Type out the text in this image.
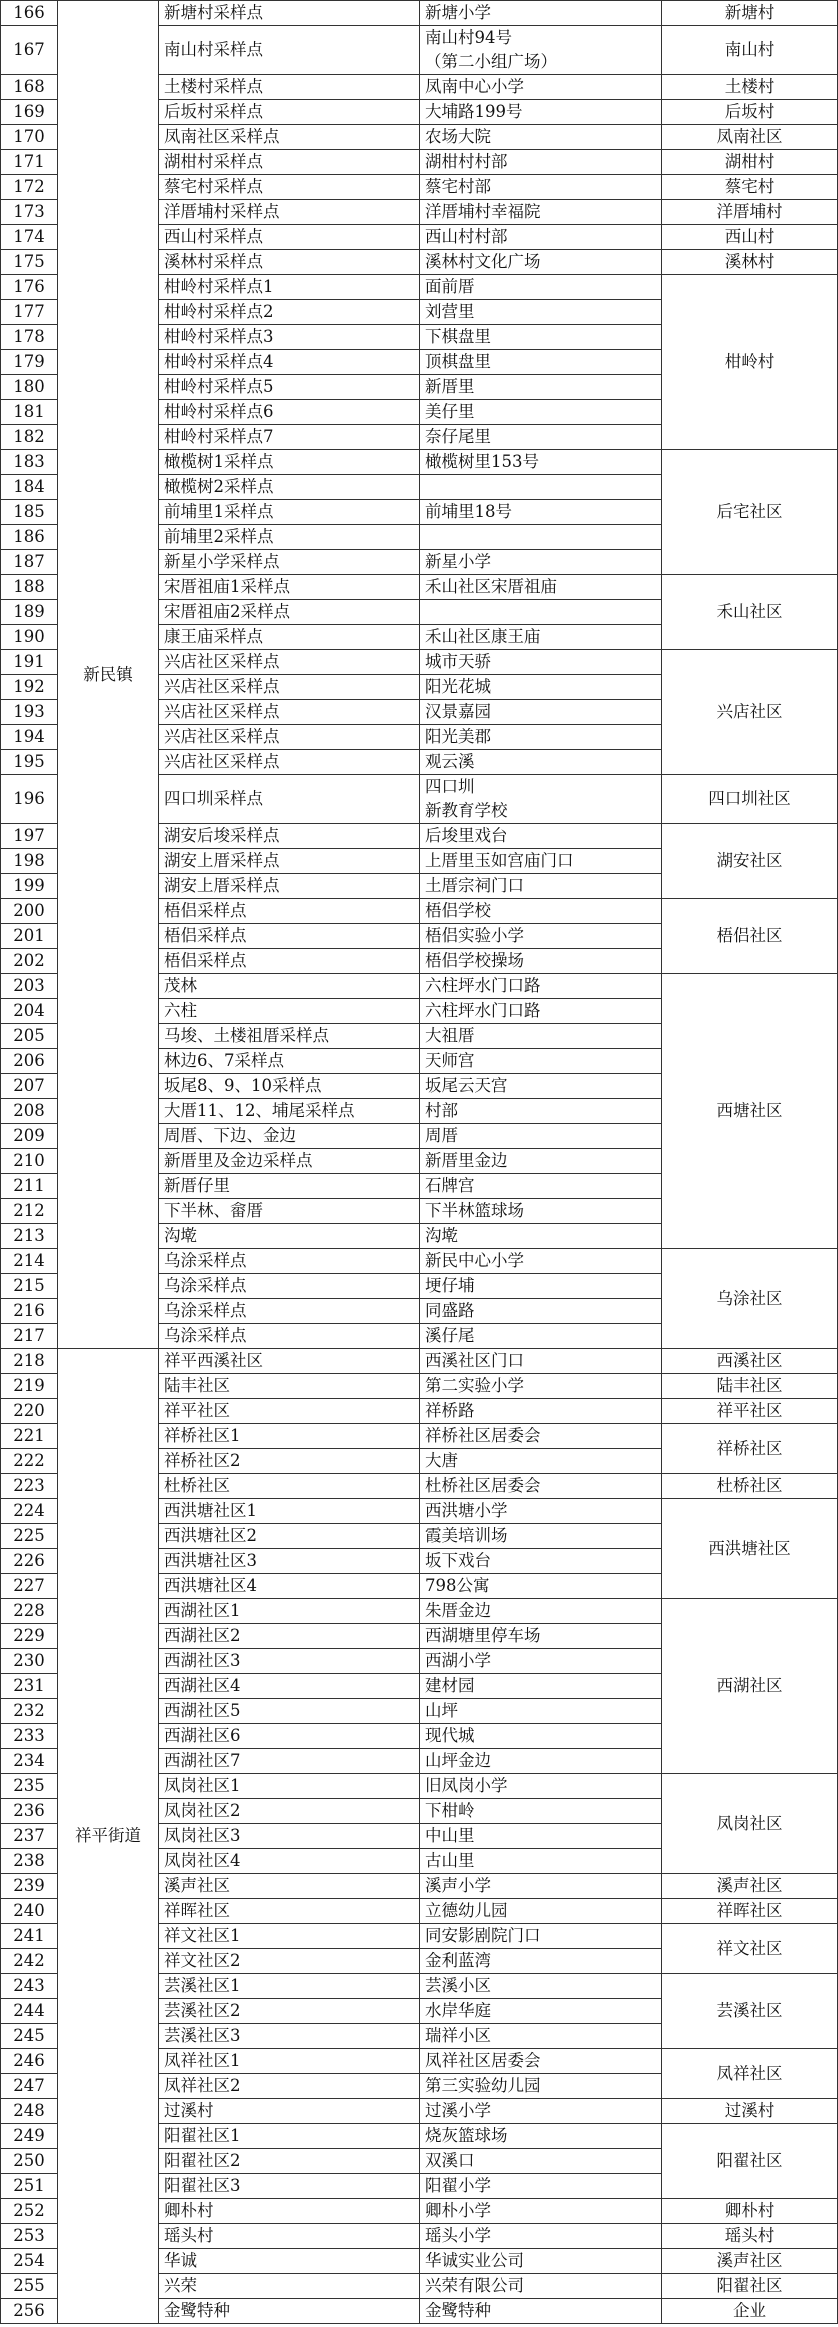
166	新民镇	新塘村采样点	新塘小学	新塘村
167		南山村采样点	南山村94号
（第二小组广场）	南山村
168		土楼村采样点	凤南中心小学	土楼村
169		后坂村采样点	大埔路199号	后坂村
170		凤南社区采样点	农场大院	凤南社区
171		湖柑村采样点	湖柑村村部	湖柑村
172		蔡宅村采样点	蔡宅村部	蔡宅村
173		洋厝埔村采样点	洋厝埔村幸福院	洋厝埔村
174		西山村采样点	西山村村部	西山村
175		溪林村采样点	溪林村文化广场	溪林村
176		柑岭村采样点1	面前厝	柑岭村
177		柑岭村采样点2	刘营里	
178		柑岭村采样点3	下棋盘里	
179		柑岭村采样点4	顶棋盘里	
180		柑岭村采样点5	新厝里	
181		柑岭村采样点6	美仔里	
182		柑岭村采样点7	奈仔尾里	
183		橄榄树1采样点	橄榄树里153号	后宅社区
184		橄榄树2采样点		
185		前埔里1采样点	前埔里18号	
186		前埔里2采样点		
187		新星小学采样点	新星小学	
188		宋厝祖庙1采样点	禾山社区宋厝祖庙	禾山社区
189		宋厝祖庙2采样点		
190		康王庙采样点	禾山社区康王庙	
191		兴店社区采样点	城市天骄	兴店社区
192		兴店社区采样点	阳光花城	
193		兴店社区采样点	汉景嘉园	
194		兴店社区采样点	阳光美郡	
195		兴店社区采样点	观云溪	
196		四口圳采样点	四口圳
新教育学校	四口圳社区
197		湖安后埈采样点	后埈里戏台	湖安社区
198		湖安上厝采样点	上厝里玉如宫庙门口	
199		湖安上厝采样点	土厝宗祠门口	
200		梧侣采样点	梧侣学校	梧侣社区
201		梧侣采样点	梧侣实验小学	
202		梧侣采样点	梧侣学校操场	
203		茂林	六柱坪水门口路	西塘社区
204		六柱	六柱坪水门口路	
205		马埈、土楼祖厝采样点	大祖厝	
206		林边6、7采样点	天师宫	
207		坂尾8、9、10采样点	坂尾云天宫	
208		大厝11、12、埔尾采样点	村部	
209		周厝、下边、金边	周厝	
210		新厝里及金边采样点	新厝里金边	
211		新厝仔里	石牌宫	
212		下半林、畲厝	下半林篮球场	
213		沟墘	沟墘	
214		乌涂采样点	新民中心小学	乌涂社区
215		乌涂采样点	埂仔埔	
216		乌涂采样点	同盛路	
217		乌涂采样点	溪仔尾	
218	祥平街道	祥平西溪社区	西溪社区门口	西溪社区
219		陆丰社区	第二实验小学	陆丰社区
220		祥平社区	祥桥路	祥平社区
221		祥桥社区1	祥桥社区居委会	祥桥社区
222		祥桥社区2	大唐	
223		杜桥社区	杜桥社区居委会	杜桥社区
224		西洪塘社区1	西洪塘小学	西洪塘社区
225		西洪塘社区2	霞美培训场	
226		西洪塘社区3	坂下戏台	
227		西洪塘社区4	798公寓	
228		西湖社区1	朱厝金边	西湖社区
229		西湖社区2	西湖塘里停车场	
230		西湖社区3	西湖小学	
231		西湖社区4	建材园	
232		西湖社区5	山坪	
233		西湖社区6	现代城	
234		西湖社区7	山坪金边	
235		凤岗社区1	旧凤岗小学	凤岗社区
236		凤岗社区2	下柑岭	
237		凤岗社区3	中山里	
238		凤岗社区4	古山里	
239		溪声社区	溪声小学	溪声社区
240		祥晖社区	立德幼儿园	祥晖社区
241		祥文社区1	同安影剧院门口	祥文社区
242		祥文社区2	金利蓝湾	
243		芸溪社区1	芸溪小区	芸溪社区
244		芸溪社区2	水岸华庭	
245		芸溪社区3	瑞祥小区	
246		凤祥社区1	凤祥社区居委会	凤祥社区
247		凤祥社区2	第三实验幼儿园	
248		过溪村	过溪小学	过溪村
249		阳翟社区1	烧灰篮球场	阳翟社区
250		阳翟社区2	双溪口	
251		阳翟社区3	阳翟小学	
252		卿朴村	卿朴小学	卿朴村
253		瑶头村	瑶头小学	瑶头村
254		华诚	华诚实业公司	溪声社区
255		兴荣	兴荣有限公司	阳翟社区
256		金鹭特种	金鹭特种	企业
